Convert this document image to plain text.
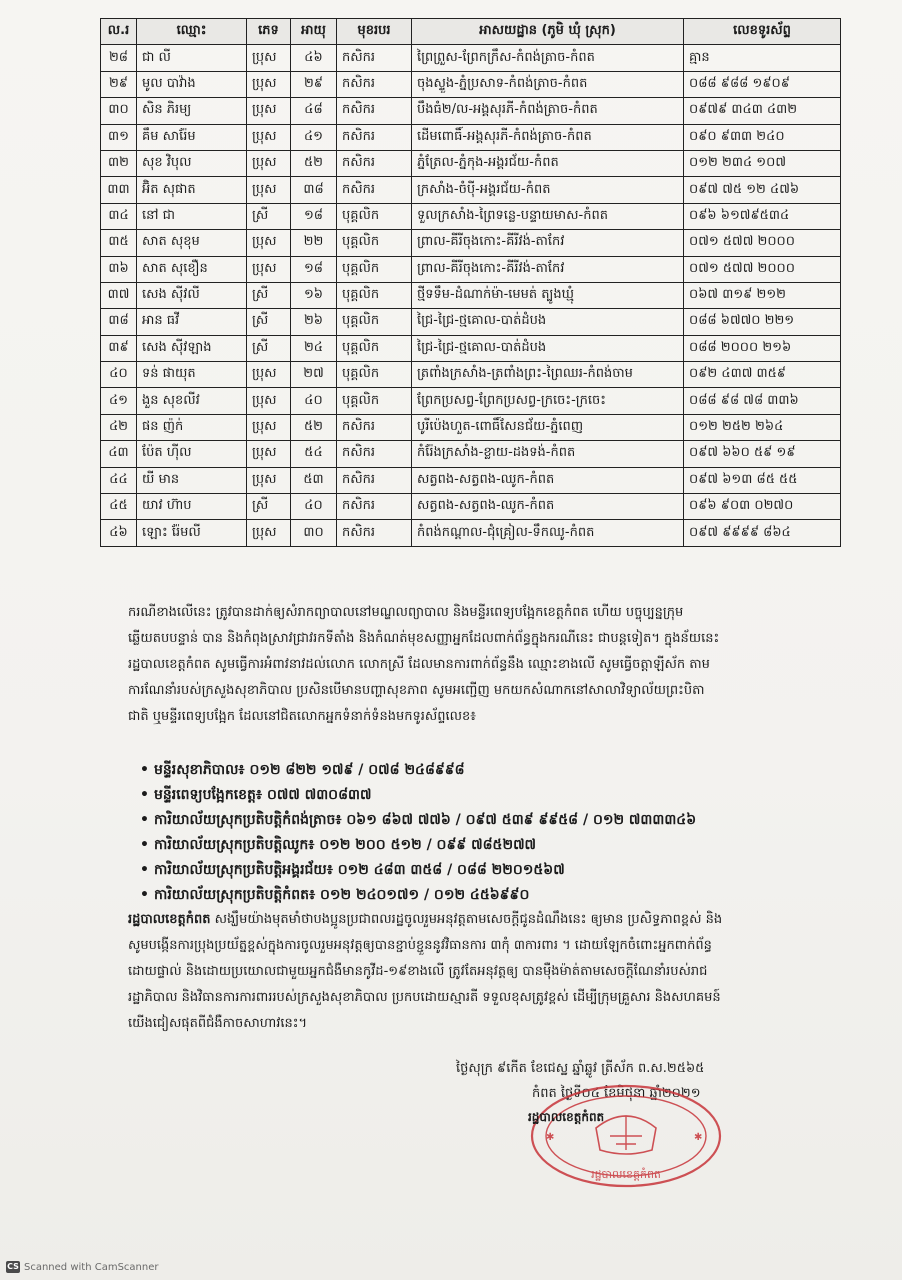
ល.រ	ឈ្មោះ	ភេទ	អាយុ	មុខរបរ	អាសយដ្ឋាន (ភូមិ ឃុំ ស្រុក)	លេខទូរស័ព្ទ
២៨	ជា លី	ប្រុស	៤៦	កសិករ	ព្រៃព្រួស-ព្រែកក្រឹស-កំពង់ត្រាច-កំពត	គ្មាន
២៩	មូល បាវ៉ាង	ប្រុស	២៩	កសិករ	ចុងស្ទួង-ភ្នំប្រសាទ-កំពង់ត្រាច-កំពត	០៨៨ ៩៨៨ ១៩០៩
៣០	សិន ភិរម្យ	ប្រុស	៤៨	កសិករ	បឹងធំ២/ល-អង្គសុរភី-កំពង់ត្រាច-កំពត	០៩៧៩ ៣៤៣ ៤៣២
៣១	គឹម សារ៉ែម	ប្រុស	៤១	កសិករ	ដើមពោធិ៍-អង្គសុរភី-កំពង់ត្រាច-កំពត	០៩០ ៩៣៣ ២៤០
៣២	សុខ វិបុល	ប្រុស	៥២	កសិករ	ភ្នំត្រែល-ភ្នំកុង-អង្គរជ័យ-កំពត	០១២ ២៣៤ ១០៧
៣៣	អ៊ិត សុផាត	ប្រុស	៣៨	កសិករ	ក្រសាំង-ចំប៉ី-អង្គរជ័យ-កំពត	០៩៧ ៧៥ ១២ ៤៧៦
៣៤	នៅ ជា	ស្រី	១៨	បុគ្គលិក	ទួលក្រសាំង-ព្រៃទន្លេ-បន្ទាយមាស-កំពត	០៩៦ ៦១៧៩៥៣៤
៣៥	សាត សុខុម	ប្រុស	២២	បុគ្គលិក	ព្រាល-គីរីចុងកោះ-គីរីវង់-តាកែវ	០៧១ ៥៧៧ ២០០០
៣៦	សាត សុខឿន	ប្រុស	១៨	បុគ្គលិក	ព្រាល-គីរីចុងកោះ-គីរីវង់-តាកែវ	០៧១ ៥៧៧ ២០០០
៣៧	សេង ស៊ីវលី	ស្រី	១៦	បុគ្គលិក	ថ្មីទទឹម-ដំណាក់ម៉ា-មេមត់ ត្បូងឃ្មុំ	០៦៧ ៣១៩ ២១២
៣៨	អាន ធវី	ស្រី	២៦	បុគ្គលិក	ជ្រៃ-ជ្រៃ-ថ្មគោល-បាត់ដំបង	០៨៨ ៦៧៧០ ២២១
៣៩	សេង ស៊ីវឡាង	ស្រី	២៤	បុគ្គលិក	ជ្រៃ-ជ្រៃ-ថ្មគោល-បាត់ដំបង	០៨៨ ២០០០ ២១៦
៤០	ទន់ ផាយុត	ប្រុស	២៧	បុគ្គលិក	ត្រពាំងក្រសាំង-ត្រពាំងព្រះ-ព្រៃឈរ-កំពង់ចាម	០៩២ ៤៣៧ ៣៥៩
៤១	ងួន សុខលីវ	ប្រុស	៤០	បុគ្គលិក	ព្រែកប្រសព្វ-ព្រែកប្រសព្វ-ក្រចេះ-ក្រចេះ	០៨៨ ៩៨ ៧៨ ៣៣៦
៤២	ផន ញ៉ក់	ប្រុស	៥២	កសិករ	បូរីប៉េងហួត-ពោធិ៍សែនជ័យ-ភ្នំពេញ	០១២ ២៥២ ២៦៤
៤៣	ប៉ែត ហ៊ីល	ប្រុស	៥៤	កសិករ	កំរ៉ែងក្រសាំង-ខ្លាយ-ដងទង់-កំពត	០៩៧ ៦៦០ ៥៩ ១៩
៤៤	យី មាន	ប្រុស	៥៣	កសិករ	សត្វពង-សត្វពង-ឈូក-កំពត	០៩៧ ៦១៣ ៨៥ ៥៥
៤៥	យាវ ហ៊ាប	ស្រី	៤០	កសិករ	សត្វពង-សត្វពង-ឈូក-កំពត	០៩៦ ៩០៣ ០២៧០
៤៦	ឡោះ រ៉ែមលី	ប្រុស	៣០	កសិករ	កំពង់កណ្តាល-ជុំគ្រៀល-ទឹកឈូ-កំពត	០៩៧ ៩៩៩៩ ៨៦៤
ករណីខាងលើនេះ ត្រូវបានដាក់ឲ្យសំរាកព្យាបាលនៅមណ្ឌលព្យាបាល និងមន្ទីរពេទ្យបង្អែកខេត្តកំពត ហើយ បច្ចុប្បន្នក្រុមឆ្លើយតបបន្ទាន់ បាន និងកំពុងស្រាវជ្រាវរកទីតាំង និងកំណត់មុខសញ្ញាអ្នកដែលពាក់ព័ន្ធក្នុងករណីនេះ ជាបន្តទៀត។ ក្នុងន័យនេះ រដ្ឋបាលខេត្តកំពត សូមធ្វើការអំពាវនាវដល់លោក លោកស្រី ដែលមានការពាក់ព័ន្ធនឹង ឈ្មោះខាងលើ សូមធ្វើចត្តាឡីស័ក តាមការណែនាំរបស់ក្រសួងសុខាភិបាល ប្រសិនបើមានបញ្ហាសុខភាព សូមអញ្ជើញ មកយកសំណាកនៅសាលាវិទ្យាល័យព្រះបិតាជាតិ ឬមន្ទីរពេទ្យបង្អែក ដែលនៅជិតលោកអ្នកទំនាក់ទំនងមកទូរស័ព្ទលេខ៖
• មន្ទីរសុខាភិបាល៖ ០១២ ៨២២ ១៧៩ / ០៧៨ ២៤៨៩៩៨
• មន្ទីរពេទ្យបង្អែកខេត្ត៖ ០៧៧ ៧៣០៨៣៧
• ការិយាល័យស្រុកប្រតិបត្តិកំពង់ត្រាច៖ ០៦១ ៨៦៧ ៧៧៦ / ០៩៧ ៥៣៩ ៩៩៥៨ / ០១២ ៧៣៣៣៤៦
• ការិយាល័យស្រុកប្រតិបត្តិឈូក៖ ០១២ ២០០ ៥១២ / ០៩៩ ៧៨៥២៧៧
• ការិយាល័យស្រុកប្រតិបត្តិអង្គរជ័យ៖ ០១២ ៤៨៣ ៣៥៨ / ០៨៨ ២២០១៥៦៧
• ការិយាល័យស្រុកប្រតិបត្តិកំពត៖ ០១២ ២៤០១៧១ / ០១២ ៤៥៦៩៩០
រដ្ឋបាលខេត្តកំពត សង្ឃឹមយ៉ាងមុតមាំថាបងប្អូនប្រជាពលរដ្ឋចូលរួមអនុវត្តតាមសេចក្តីជូនដំណឹងនេះ ឲ្យមាន ប្រសិទ្ធភាពខ្ពស់ និងសូមបង្កើនការប្រុងប្រយ័ត្នខ្ពស់ក្នុងការចូលរួមអនុវត្តឲ្យបានខ្ជាប់ខ្ជួននូវវិធានការ ៣កុំ ៣ការពារ ។ ដោយឡែកចំពោះអ្នកពាក់ព័ន្ធដោយផ្ទាល់ និងដោយប្រយោលជាមួយអ្នកជំងឺមានកូវីដ-១៩ខាងលើ ត្រូវតែអនុវត្តឲ្យ បានម៉ឺងម៉ាត់តាមសេចក្តីណែនាំរបស់រាជរដ្ឋាភិបាល និងវិធានការការពាររបស់ក្រសួងសុខាភិបាល ប្រកបដោយស្មារតី ទទួលខុសត្រូវខ្ពស់ ដើម្បីក្រុមគ្រួសារ និងសហគមន៍យើងជៀសផុតពីជំងឺកាចសាហាវនេះ។
ថ្ងៃសុក្រ ៩កើត ខែជេស្ឋ ឆ្នាំឆ្លូវ ត្រីស័ក ព.ស.២៥៦៥
កំពត ថ្ងៃទី០៤ ខែមិថុនា ឆ្នាំ២០២១
រដ្ឋបាលខេត្តកំពត
✱	✱
រដ្ឋបាលខេត្តកំពត
CS Scanned with CamScanner
